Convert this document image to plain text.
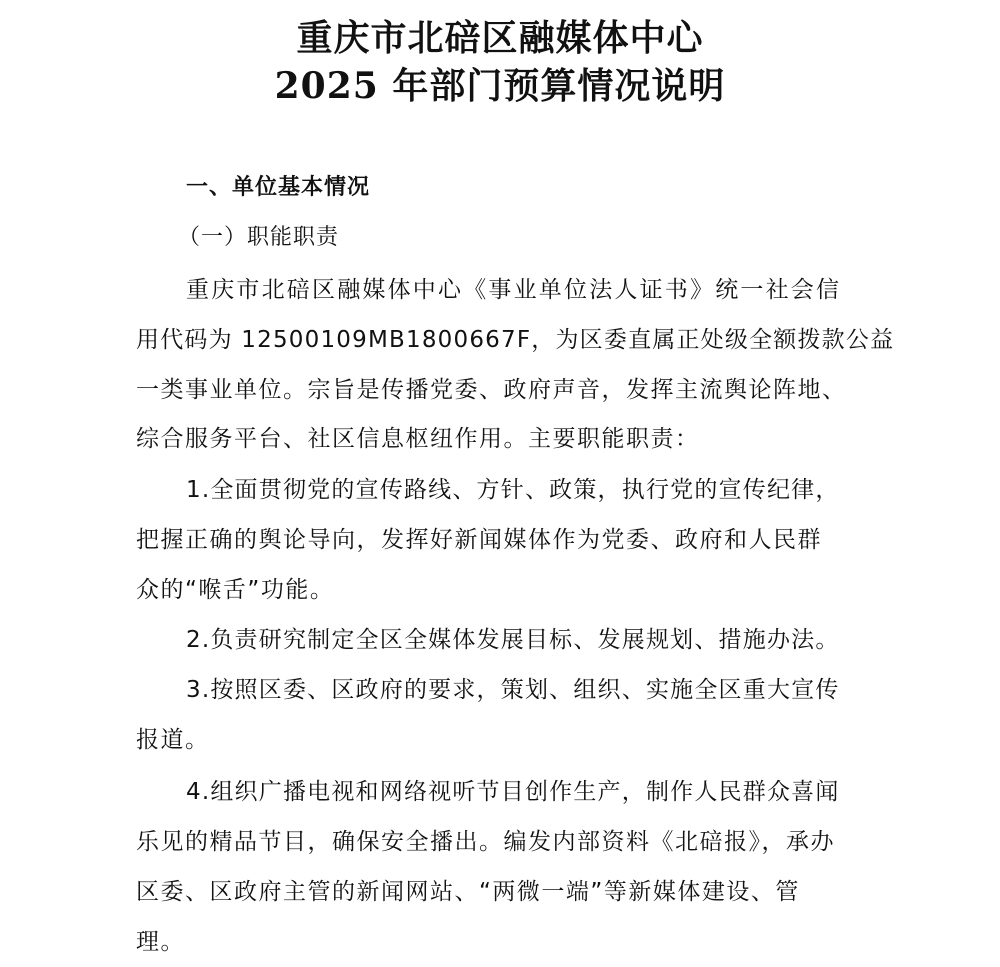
重庆市北碚区融媒体中心
2025 年部门预算情况说明
一、单位基本情况
（一）职能职责
重庆市北碚区融媒体中心《事业单位法人证书》统一社会信
用代码为 12500109MB1800667F，为区委直属正处级全额拨款公益
一类事业单位。宗旨是传播党委、政府声音，发挥主流舆论阵地、
综合服务平台、社区信息枢纽作用。主要职能职责：
1.全面贯彻党的宣传路线、方针、政策，执行党的宣传纪律，
把握正确的舆论导向，发挥好新闻媒体作为党委、政府和人民群
众的“喉舌”功能。
2.负责研究制定全区全媒体发展目标、发展规划、措施办法。
3.按照区委、区政府的要求，策划、组织、实施全区重大宣传
报道。
4.组织广播电视和网络视听节目创作生产，制作人民群众喜闻
乐见的精品节目，确保安全播出。编发内部资料《北碚报》，承办
区委、区政府主管的新闻网站、“两微一端”等新媒体建设、管
理。
